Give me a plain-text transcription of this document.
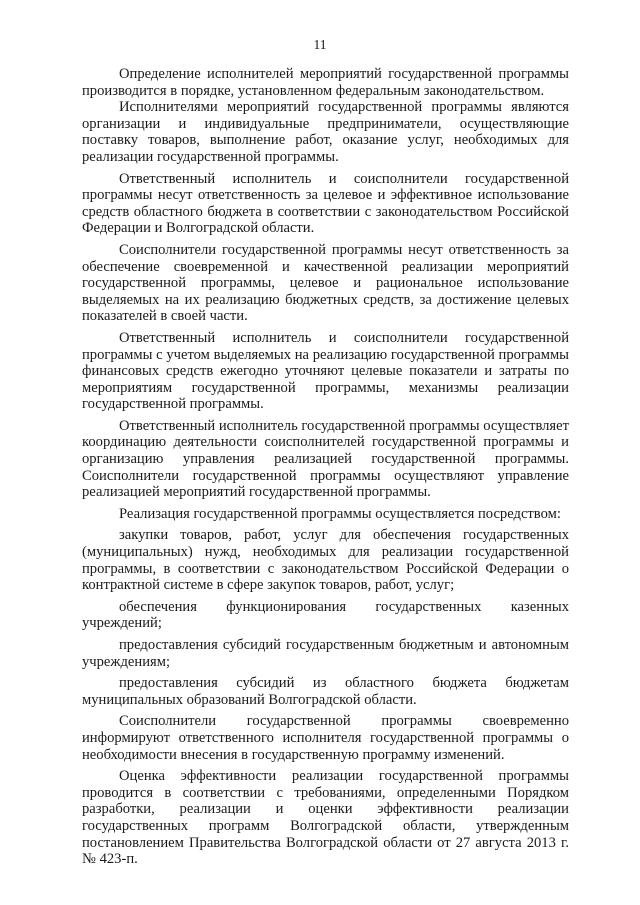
11

Определение исполнителей мероприятий государственной программы производится в порядке, установленном федеральным законодательством.

Исполнителями мероприятий государственной программы являются организации и индивидуальные предприниматели, осуществляющие поставку товаров, выполнение работ, оказание услуг, необходимых для реализации государственной программы.

Ответственный исполнитель и соисполнители государственной программы несут ответственность за целевое и эффективное использование средств областного бюджета в соответствии с законодательством Российской Федерации и Волгоградской области.

Соисполнители государственной программы несут ответственность за обеспечение своевременной и качественной реализации мероприятий государственной программы, целевое и рациональное использование выделяемых на их реализацию бюджетных средств, за достижение целевых показателей в своей части.

Ответственный исполнитель и соисполнители государственной программы с учетом выделяемых на реализацию государственной программы финансовых средств ежегодно уточняют целевые показатели и затраты по мероприятиям государственной программы, механизмы реализации государственной программы.

Ответственный исполнитель государственной программы осуществляет координацию деятельности соисполнителей государственной программы и организацию управления реализацией государственной программы. Соисполнители государственной программы осуществляют управление реализацией мероприятий государственной программы.

Реализация государственной программы осуществляется посредством:

закупки товаров, работ, услуг для обеспечения государственных (муниципальных) нужд, необходимых для реализации государственной программы, в соответствии с законодательством Российской Федерации о контрактной системе в сфере закупок товаров, работ, услуг;

обеспечения функционирования государственных казенных учреждений;

предоставления субсидий государственным бюджетным и автономным учреждениям;

предоставления субсидий из областного бюджета бюджетам муниципальных образований Волгоградской области.

Соисполнители государственной программы своевременно информируют ответственного исполнителя государственной программы о необходимости внесения в государственную программу изменений.

Оценка эффективности реализации государственной программы проводится в соответствии с требованиями, определенными Порядком разработки, реализации и оценки эффективности реализации государственных программ Волгоградской области, утвержденным постановлением Правительства Волгоградской области от 27 августа 2013 г. № 423-п.
